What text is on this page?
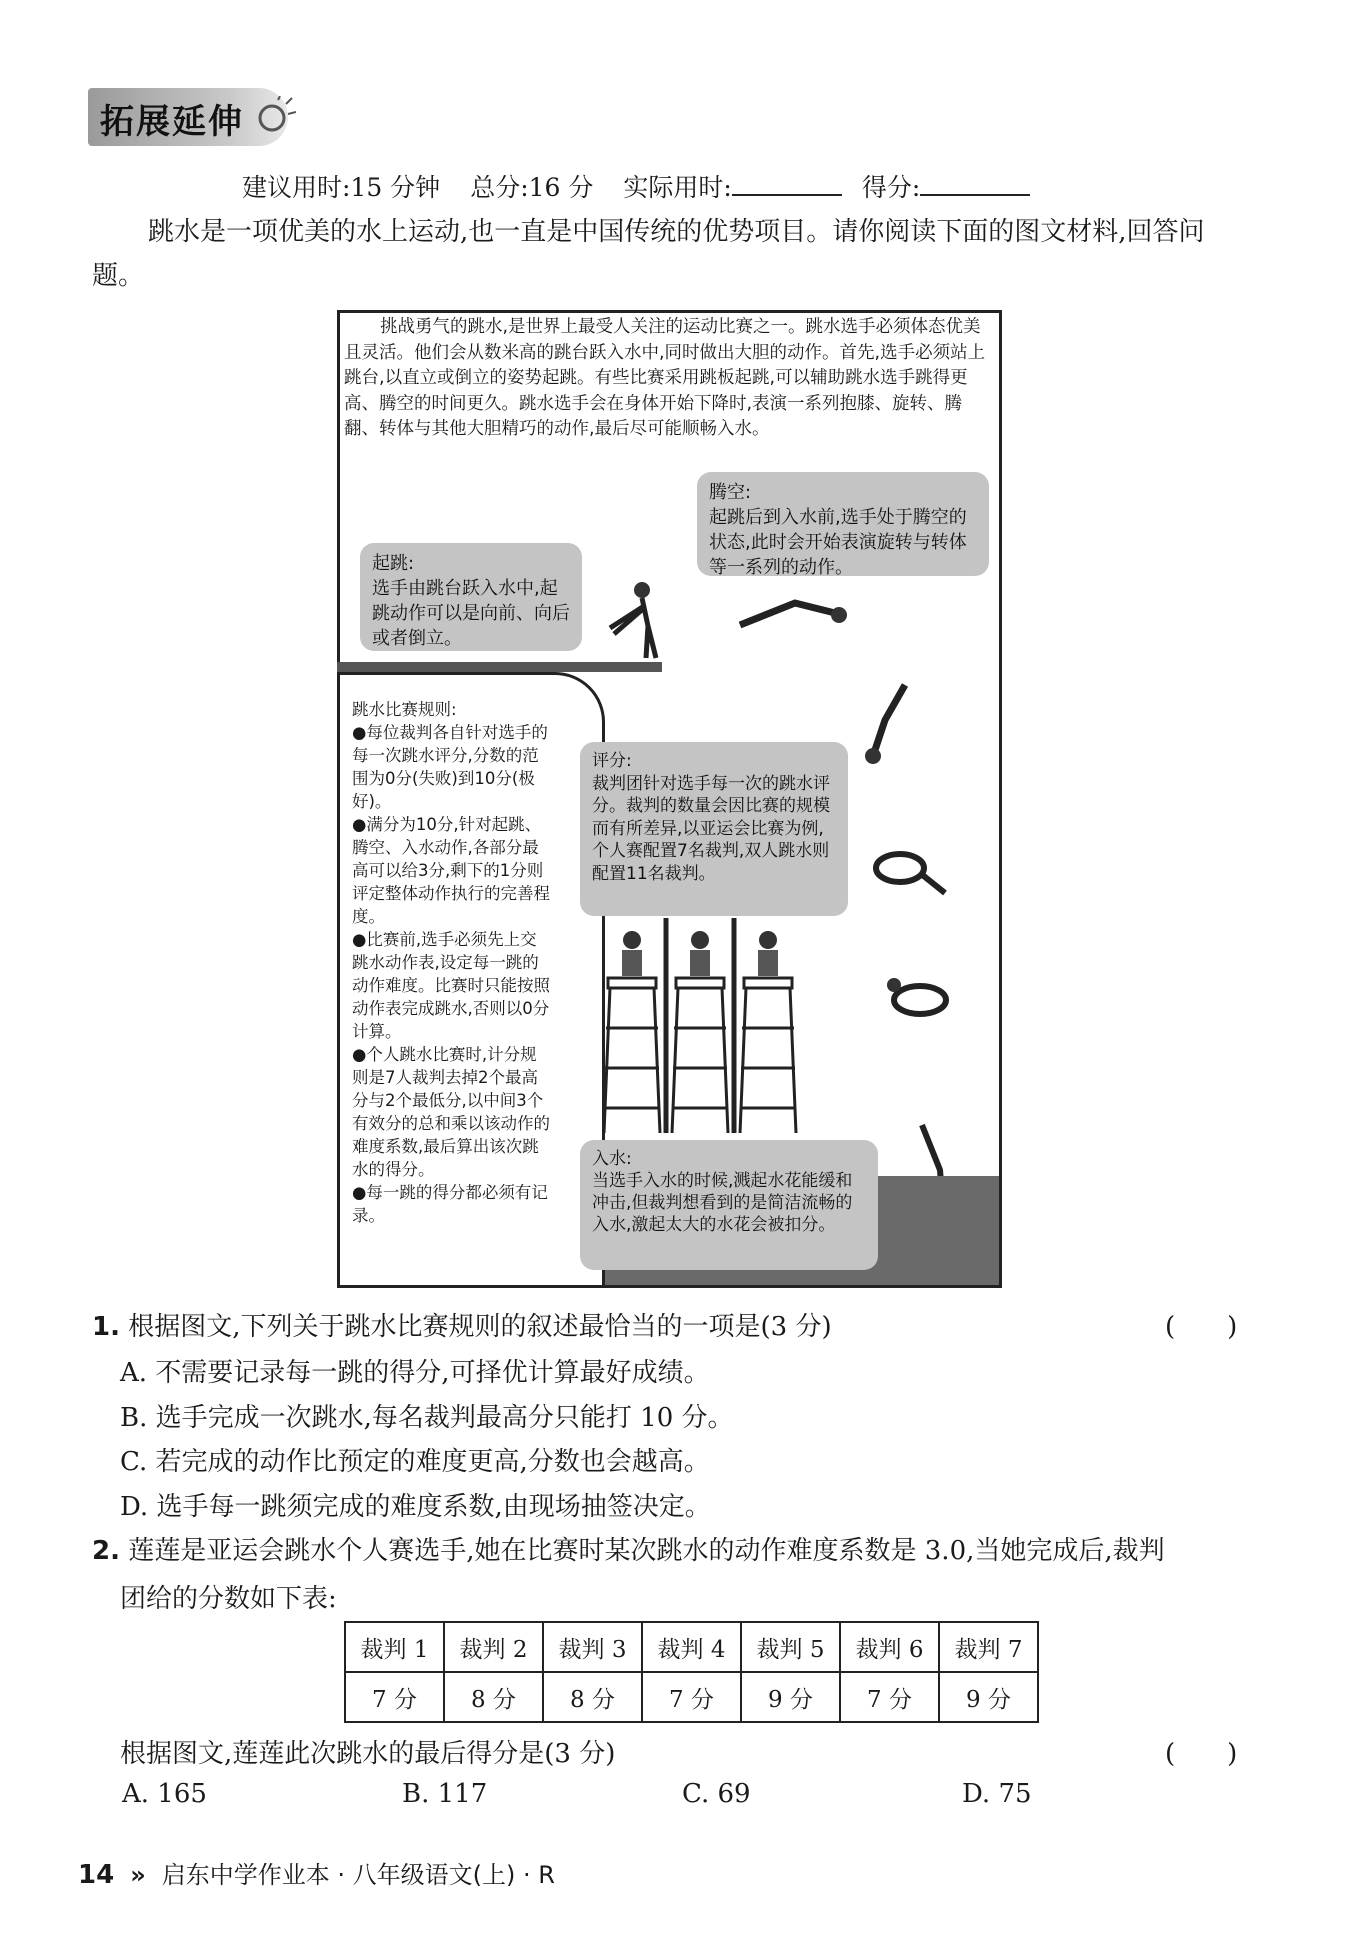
拓展延伸
建议用时:15 分钟 总分:16 分 实际用时:	得分:
跳水是一项优美的水上运动,也一直是中国传统的优势项目。请你阅读下面的图文材料,回答问题。
挑战勇气的跳水,是世界上最受人关注的运动比赛之一。跳水选手必须体态优美且灵活。他们会从数米高的跳台跃入水中,同时做出大胆的动作。首先,选手必须站上跳台,以直立或倒立的姿势起跳。有些比赛采用跳板起跳,可以辅助跳水选手跳得更高、腾空的时间更久。跳水选手会在身体开始下降时,表演一系列抱膝、旋转、腾翻、转体与其他大胆精巧的动作,最后尽可能顺畅入水。
腾空:
起跳后到入水前,选手处于腾空的状态,此时会开始表演旋转与转体等一系列的动作。
起跳:
选手由跳台跃入水中,起跳动作可以是向前、向后或者倒立。

跳水比赛规则:

●每位裁判各自针对选手的每一次跳水评分,分数的范围为0分(失败)到10分(极好)。

●满分为10分,针对起跳、腾空、入水动作,各部分最高可以给3分,剩下的1分则评定整体动作执行的完善程度。

●比赛前,选手必须先上交跳水动作表,设定每一跳的动作难度。比赛时只能按照动作表完成跳水,否则以0分计算。

●个人跳水比赛时,计分规则是7人裁判去掉2个最高分与2个最低分,以中间3个有效分的总和乘以该动作的难度系数,最后算出该次跳水的得分。

●每一跳的得分都必须有记录。

评分:
裁判团针对选手每一次的跳水评分。裁判的数量会因比赛的规模而有所差异,以亚运会比赛为例,个人赛配置7名裁判,双人跳水则配置11名裁判。
入水:
当选手入水的时候,溅起水花能缓和冲击,但裁判想看到的是简洁流畅的入水,激起太大的水花会被扣分。
1. 根据图文,下列关于跳水比赛规则的叙述最恰当的一项是(3 分)	(　　)
A. 不需要记录每一跳的得分,可择优计算最好成绩。
B. 选手完成一次跳水,每名裁判最高分只能打 10 分。
C. 若完成的动作比预定的难度更高,分数也会越高。
D. 选手每一跳须完成的难度系数,由现场抽签决定。
2. 莲莲是亚运会跳水个人赛选手,她在比赛时某次跳水的动作难度系数是 3.0,当她完成后,裁判
团给的分数如下表:
裁判 1	裁判 2	裁判 3	裁判 4	裁判 5	裁判 6	裁判 7
7 分	8 分	8 分	7 分	9 分	7 分	9 分
根据图文,莲莲此次跳水的最后得分是(3 分)	(　　)
A. 165	B. 117	C. 69	D. 75
14 » 启东中学作业本 · 八年级语文(上) · R
